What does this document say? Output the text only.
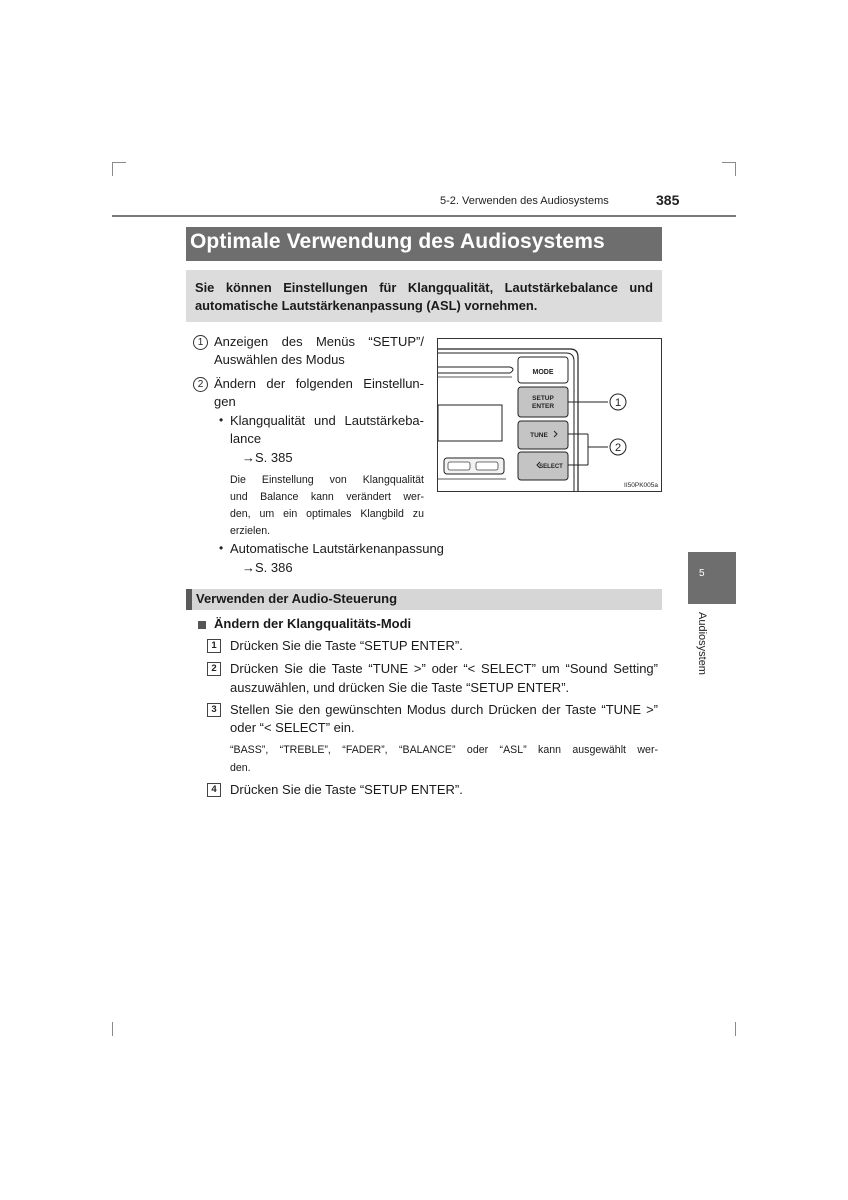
5-2. Verwenden des Audiosystems	385
Optimale Verwendung des Audiosystems
Sie können Einstellungen für Klangqualität, Lautstärkebalance und automatische Lautstärkenanpassung (ASL) vornehmen.
1 Anzeigen des Menüs “SETUP”/
Auswählen des Modus
2 Ändern der folgenden Einstellun-
gen
• Klangqualität und Lautstärkeba-
lance
→S. 385
Die Einstellung von Klangqualität
und Balance kann verändert wer-
den, um ein optimales Klangbild zu
erzielen.
• Automatische Lautstärkenanpassung
→S. 386
MODE
SETUP
ENTER
TUNE
SELECT
1
2
II50PK005a
Verwenden der Audio-Steuerung
Ändern der Klangqualitäts-Modi
1	Drücken Sie die Taste “SETUP ENTER”.
2	Drücken Sie die Taste “TUNE >” oder “< SELECT” um “Sound Setting”
auszuwählen, und drücken Sie die Taste “SETUP ENTER”.
3	Stellen Sie den gewünschten Modus durch Drücken der Taste “TUNE >”
oder “< SELECT” ein.
“BASS”, “TREBLE”, “FADER”, “BALANCE” oder “ASL” kann ausgewählt wer-
den.
4	Drücken Sie die Taste “SETUP ENTER”.
5
Audiosystem
